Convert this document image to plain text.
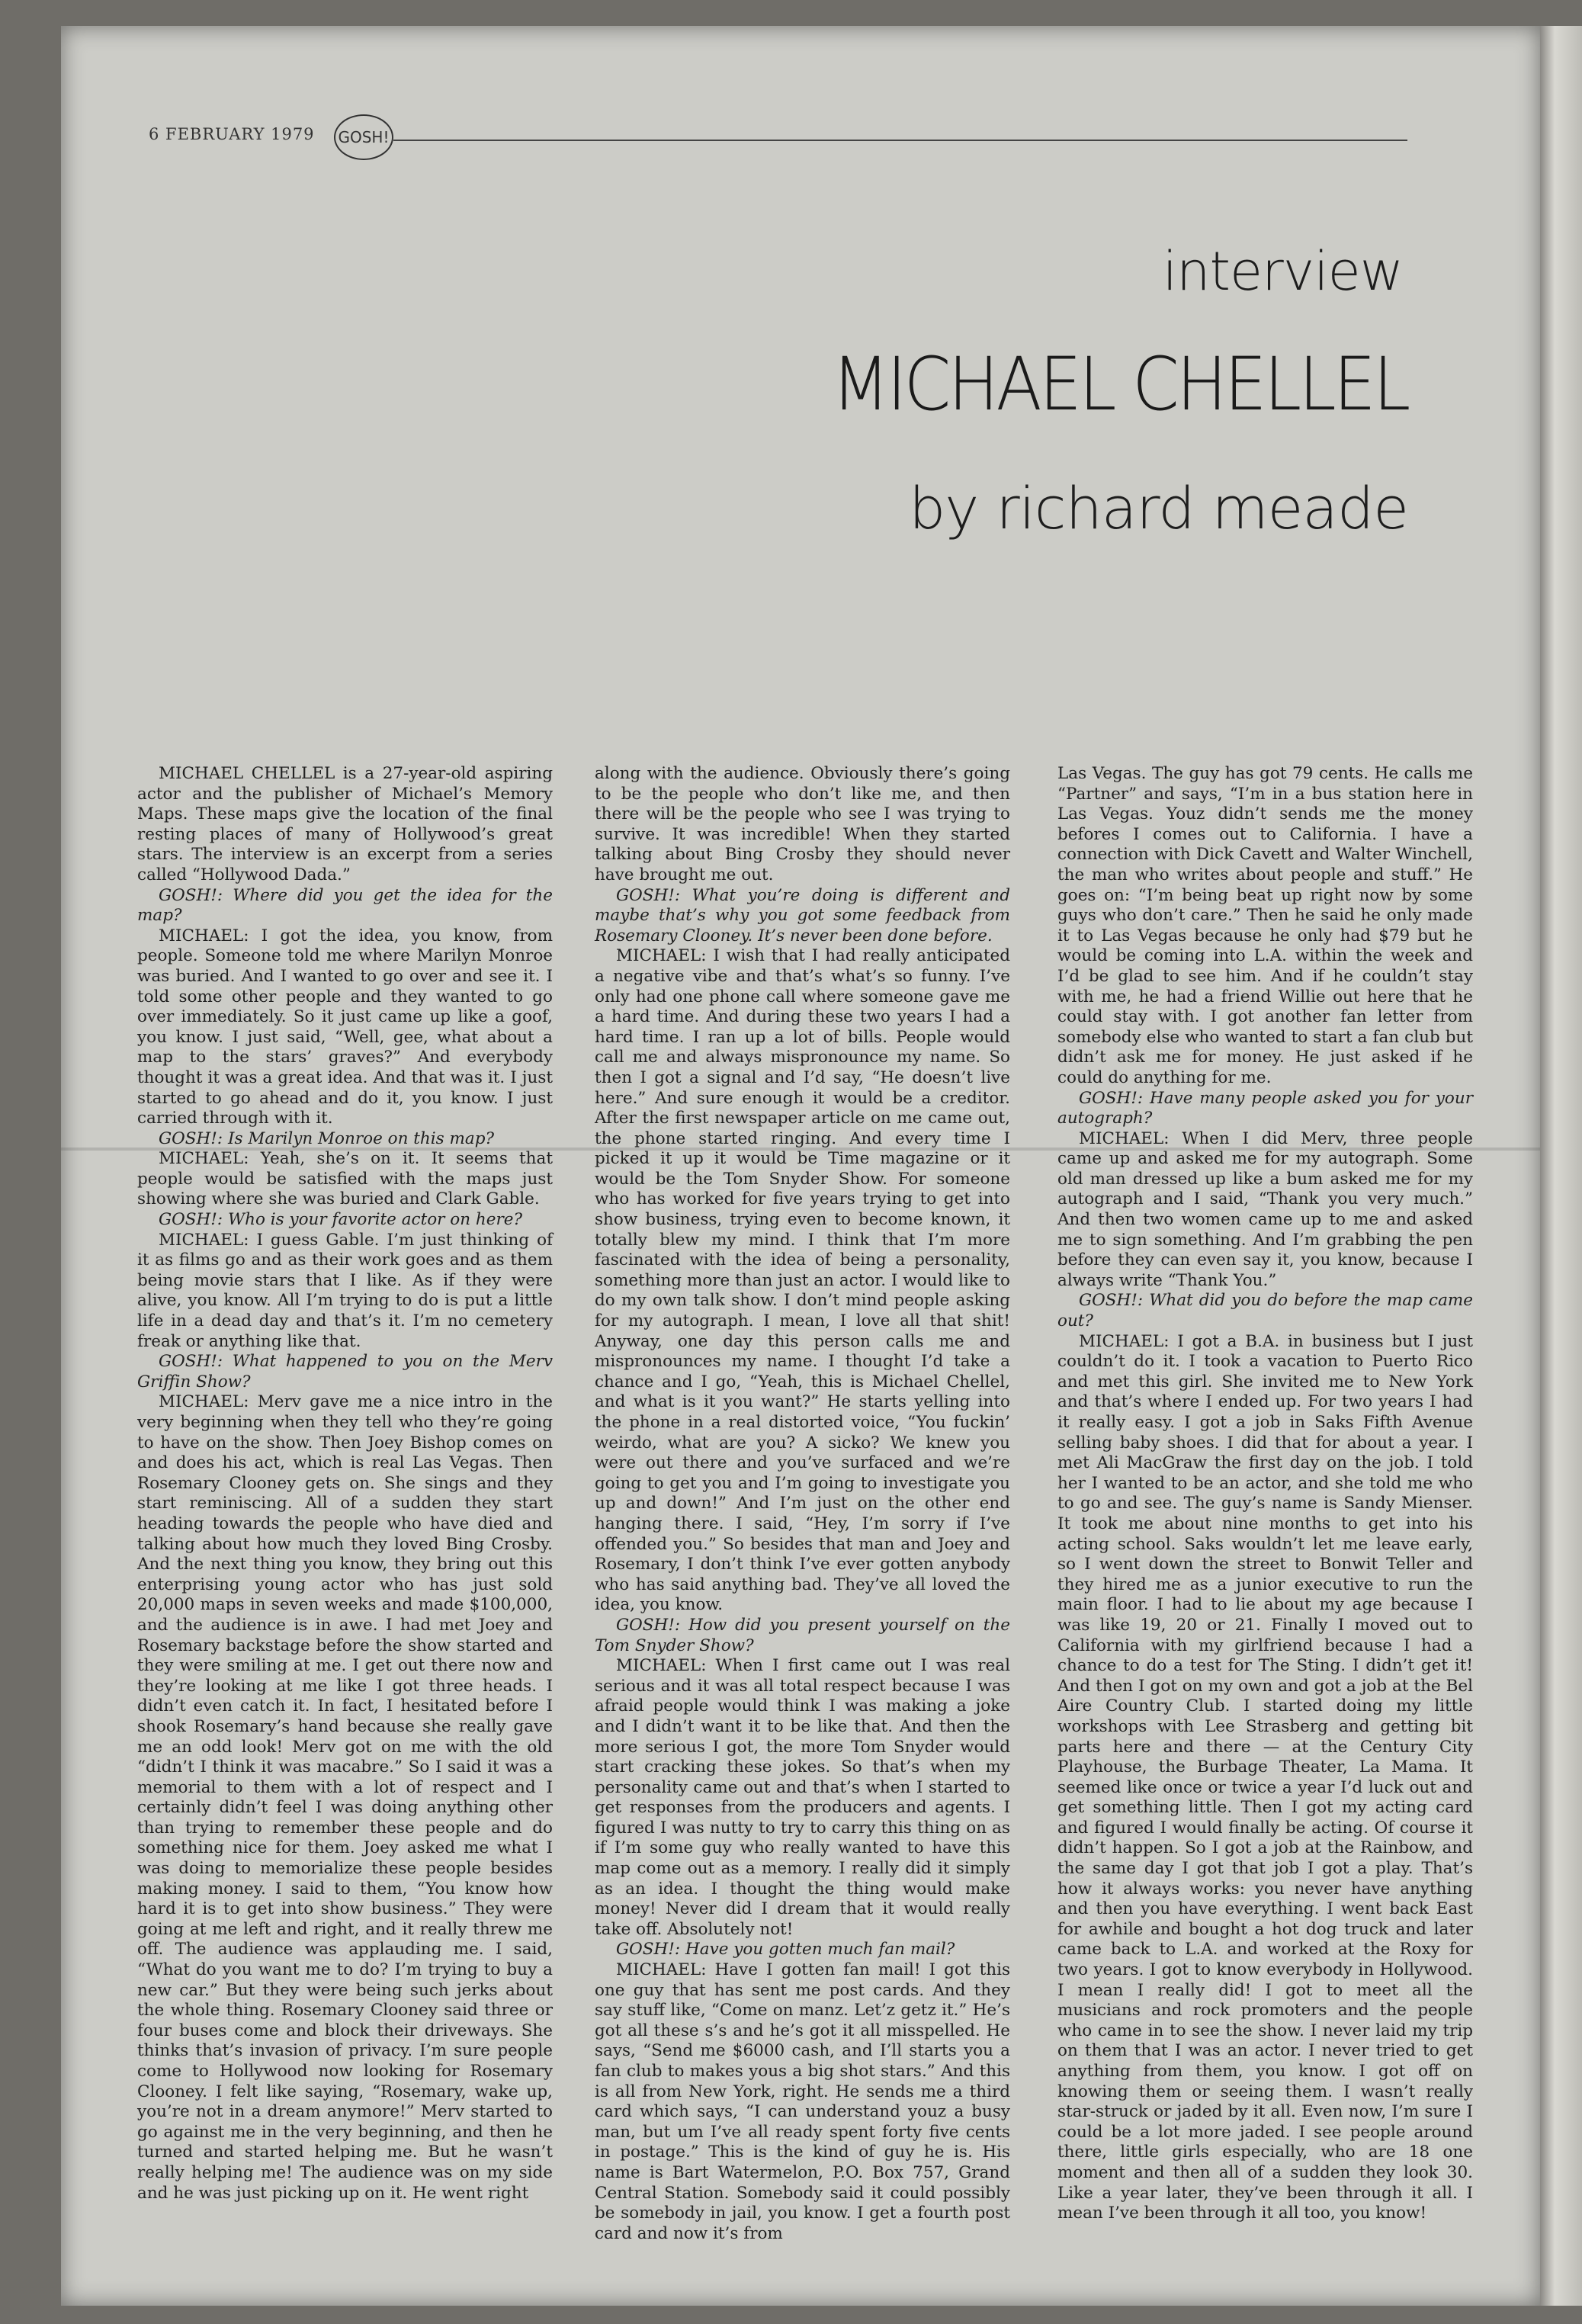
6 FEBRUARY 1979 GOSH!
interview
MICHAEL CHELLEL
by richard meade

MICHAEL CHELLEL is a 27-year-old aspiring actor and the publisher of Michael’s Memory Maps. These maps give the location of the final resting places of many of Hollywood’s great stars. The interview is an excerpt from a series called “Hollywood Dada.”

GOSH!: Where did you get the idea for the map?

MICHAEL: I got the idea, you know, from people. Someone told me where Marilyn Monroe was buried. And I wanted to go over and see it. I told some other people and they wanted to go over immediately. So it just came up like a goof, you know. I just said, “Well, gee, what about a map to the stars’ graves?” And everybody thought it was a great idea. And that was it. I just started to go ahead and do it, you know. I just carried through with it.

GOSH!: Is Marilyn Monroe on this map?

MICHAEL: Yeah, she’s on it. It seems that people would be satisfied with the maps just showing where she was buried and Clark Gable.

GOSH!: Who is your favorite actor on here?

MICHAEL: I guess Gable. I’m just thinking of it as films go and as their work goes and as them being movie stars that I like. As if they were alive, you know. All I’m trying to do is put a little life in a dead day and that’s it. I’m no cemetery freak or anything like that.

GOSH!: What happened to you on the Merv Griffin Show?

MICHAEL: Merv gave me a nice intro in the very beginning when they tell who they’re going to have on the show. Then Joey Bishop comes on and does his act, which is real Las Vegas. Then Rosemary Clooney gets on. She sings and they start reminiscing. All of a sudden they start heading towards the people who have died and talking about how much they loved Bing Crosby. And the next thing you know, they bring out this enterprising young actor who has just sold 20,000 maps in seven weeks and made $100,000, and the audience is in awe. I had met Joey and Rosemary backstage before the show started and they were smiling at me. I get out there now and they’re looking at me like I got three heads. I didn’t even catch it. In fact, I hesitated before I shook Rosemary’s hand because she really gave me an odd look! Merv got on me with the old “didn’t I think it was macabre.” So I said it was a memorial to them with a lot of respect and I certainly didn’t feel I was doing anything other than trying to remember these people and do something nice for them. Joey asked me what I was doing to memorialize these people besides making money. I said to them, “You know how hard it is to get into show business.” They were going at me left and right, and it really threw me off. The audience was applauding me. I said, “What do you want me to do? I’m trying to buy a new car.” But they were being such jerks about the whole thing. Rosemary Clooney said three or four buses come and block their driveways. She thinks that’s invasion of privacy. I’m sure people come to Hollywood now looking for Rosemary Clooney. I felt like saying, “Rosemary, wake up, you’re not in a dream anymore!” Merv started to go against me in the very beginning, and then he turned and started helping me. But he wasn’t really helping me! The audience was on my side and he was just picking up on it. He went right

along with the audience. Obviously there’s going to be the people who don’t like me, and then there will be the people who see I was trying to survive. It was incredible! When they started talking about Bing Crosby they should never have brought me out.

GOSH!: What you’re doing is different and maybe that’s why you got some feedback from Rosemary Clooney. It’s never been done before.

MICHAEL: I wish that I had really anticipated a negative vibe and that’s what’s so funny. I’ve only had one phone call where someone gave me a hard time. And during these two years I had a hard time. I ran up a lot of bills. People would call me and always mispronounce my name. So then I got a signal and I’d say, “He doesn’t live here.” And sure enough it would be a creditor. After the first newspaper article on me came out, the phone started ringing. And every time I picked it up it would be Time magazine or it would be the Tom Snyder Show. For someone who has worked for five years trying to get into show business, trying even to become known, it totally blew my mind. I think that I’m more fascinated with the idea of being a personality, something more than just an actor. I would like to do my own talk show. I don’t mind people asking for my autograph. I mean, I love all that shit! Anyway, one day this person calls me and mispronounces my name. I thought I’d take a chance and I go, “Yeah, this is Michael Chellel, and what is it you want?” He starts yelling into the phone in a real distorted voice, “You fuckin’ weirdo, what are you? A sicko? We knew you were out there and you’ve surfaced and we’re going to get you and I’m going to investigate you up and down!” And I’m just on the other end hanging there. I said, “Hey, I’m sorry if I’ve offended you.” So besides that man and Joey and Rosemary, I don’t think I’ve ever gotten anybody who has said anything bad. They’ve all loved the idea, you know.

GOSH!: How did you present yourself on the Tom Snyder Show?

MICHAEL: When I first came out I was real serious and it was all total respect because I was afraid people would think I was making a joke and I didn’t want it to be like that. And then the more serious I got, the more Tom Snyder would start cracking these jokes. So that’s when my personality came out and that’s when I started to get responses from the producers and agents. I figured I was nutty to try to carry this thing on as if I’m some guy who really wanted to have this map come out as a memory. I really did it simply as an idea. I thought the thing would make money! Never did I dream that it would really take off. Absolutely not!

GOSH!: Have you gotten much fan mail?

MICHAEL: Have I gotten fan mail! I got this one guy that has sent me post cards. And they say stuff like, “Come on manz. Let’z getz it.” He’s got all these s’s and he’s got it all misspelled. He says, “Send me $6000 cash, and I’ll starts you a fan club to makes yous a big shot stars.” And this is all from New York, right. He sends me a third card which says, “I can understand youz a busy man, but um I’ve all ready spent forty five cents in postage.” This is the kind of guy he is. His name is Bart Watermelon, P.O. Box 757, Grand Central Station. Somebody said it could possibly be somebody in jail, you know. I get a fourth post card and now it’s from

Las Vegas. The guy has got 79 cents. He calls me “Partner” and says, “I’m in a bus station here in Las Vegas. Youz didn’t sends me the money befores I comes out to California. I have a connection with Dick Cavett and Walter Winchell, the man who writes about people and stuff.” He goes on: “I’m being beat up right now by some guys who don’t care.” Then he said he only made it to Las Vegas because he only had $79 but he would be coming into L.A. within the week and I’d be glad to see him. And if he couldn’t stay with me, he had a friend Willie out here that he could stay with. I got another fan letter from somebody else who wanted to start a fan club but didn’t ask me for money. He just asked if he could do anything for me.

GOSH!: Have many people asked you for your autograph?

MICHAEL: When I did Merv, three people came up and asked me for my autograph. Some old man dressed up like a bum asked me for my autograph and I said, “Thank you very much.” And then two women came up to me and asked me to sign something. And I’m grabbing the pen before they can even say it, you know, because I always write “Thank You.”

GOSH!: What did you do before the map came out?

MICHAEL: I got a B.A. in business but I just couldn’t do it. I took a vacation to Puerto Rico and met this girl. She invited me to New York and that’s where I ended up. For two years I had it really easy. I got a job in Saks Fifth Avenue selling baby shoes. I did that for about a year. I met Ali MacGraw the first day on the job. I told her I wanted to be an actor, and she told me who to go and see. The guy’s name is Sandy Mienser. It took me about nine months to get into his acting school. Saks wouldn’t let me leave early, so I went down the street to Bonwit Teller and they hired me as a junior executive to run the main floor. I had to lie about my age because I was like 19, 20 or 21. Finally I moved out to California with my girlfriend because I had a chance to do a test for The Sting. I didn’t get it! And then I got on my own and got a job at the Bel Aire Country Club. I started doing my little workshops with Lee Strasberg and getting bit parts here and there — at the Century City Playhouse, the Burbage Theater, La Mama. It seemed like once or twice a year I’d luck out and get something little. Then I got my acting card and figured I would finally be acting. Of course it didn’t happen. So I got a job at the Rainbow, and the same day I got that job I got a play. That’s how it always works: you never have anything and then you have everything. I went back East for awhile and bought a hot dog truck and later came back to L.A. and worked at the Roxy for two years. I got to know everybody in Hollywood. I mean I really did! I got to meet all the musicians and rock promoters and the people who came in to see the show. I never laid my trip on them that I was an actor. I never tried to get anything from them, you know. I got off on knowing them or seeing them. I wasn’t really star-struck or jaded by it all. Even now, I’m sure I could be a lot more jaded. I see people around there, little girls especially, who are 18 one moment and then all of a sudden they look 30. Like a year later, they’ve been through it all. I mean I’ve been through it all too, you know!
